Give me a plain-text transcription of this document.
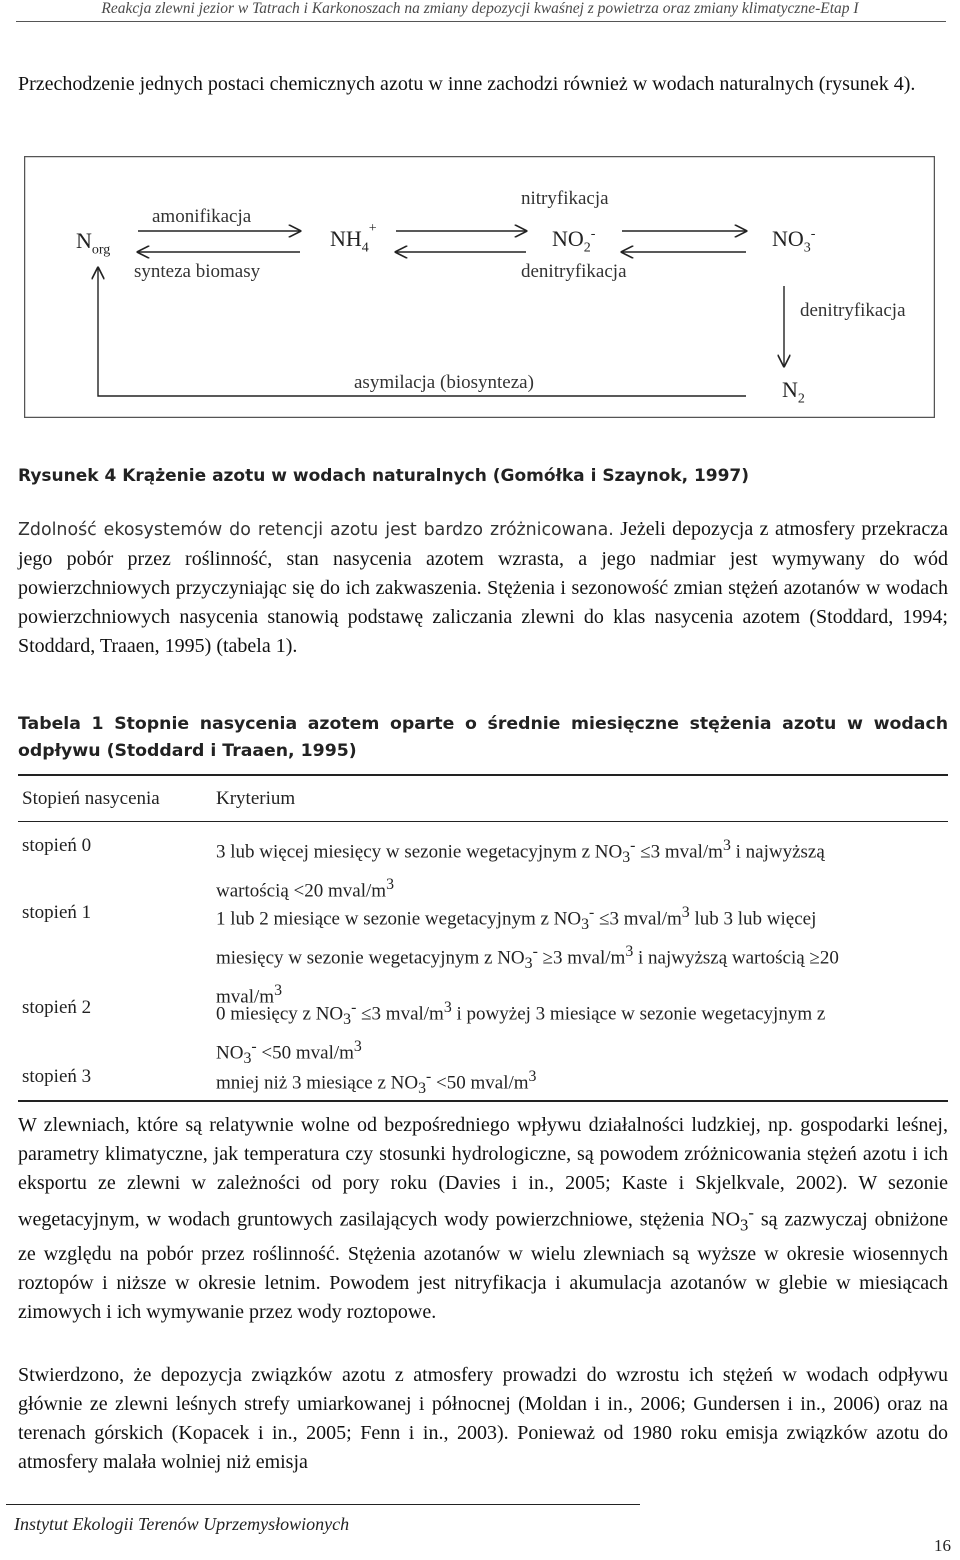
Reakcja zlewni jezior w Tatrach i Karkonoszach na zmiany depozycji kwaśnej z powietrza oraz zmiany klimatyczne-Etap I

Przechodzenie jednych postaci chemicznych azotu w inne zachodzi również w wodach naturalnych (rysunek 4).

$N_{org}$
amonifikacja
synteza biomasy
$NH_4^+$
nitryfikacja
$NO_2^-$
denitryfikacja
$NO_3^-$
denitryfikacja
asymilacja (biosynteza)	$N_2$
Rysunek 4 Krążenie azotu w wodach naturalnych (Gomółka i Szaynok, 1997)

Zdolność ekosystemów do retencji azotu jest bardzo zróżnicowana. Jeżeli depozycja z atmosfery przekracza jego pobór przez roślinność, stan nasycenia azotem wzrasta, a jego nadmiar jest wymywany do wód powierzchniowych przyczyniając się do ich zakwaszenia. Stężenia i sezonowość zmian stężeń azotanów w wodach powierzchniowych nasycenia stanowią podstawę zaliczania zlewni do klas nasycenia azotem (Stoddard, 1994; Stoddard, Traaen, 1995) (tabela 1).

Tabela 1 Stopnie nasycenia azotem oparte o średnie miesięczne stężenia azotu w wodach odpływu (Stoddard i Traaen, 1995)

Stopień nasycenia	Kryterium
stopień 0	3 lub więcej miesięcy w sezonie wegetacyjnym z $NO_3^- \le 3$ mval/$m^3$ i najwyższą
wartością <20 mval/$m^3$
stopień 1	1 lub 2 miesiące w sezonie wegetacyjnym z $NO_3^- \le 3$ mval/$m^3$ lub 3 lub więcej
miesięcy w sezonie wegetacyjnym z $NO_3^- \ge 3$ mval/$m^3$ i najwyższą wartością ≥20
mval/$m^3$
stopień 2	0 miesięcy z $NO_3^- \le 3$ mval/$m^3$ i powyżej 3 miesiące w sezonie wegetacyjnym z
$NO_3^- <50$ mval/$m^3$
stopień 3	mniej niż 3 miesiące z $NO_3^- <50$ mval/$m^3$

W zlewniach, które są relatywnie wolne od bezpośredniego wpływu działalności ludzkiej, np. gospodarki leśnej, parametry klimatyczne, jak temperatura czy stosunki hydrologiczne, są powodem zróżnicowania stężeń azotu i ich eksportu ze zlewni w zależności od pory roku (Davies i in., 2005; Kaste i Skjelkvale, 2002). W sezonie wegetacyjnym, w wodach gruntowych zasilających wody powierzchniowe, stężenia $NO_3^-$ są zazwyczaj obniżone ze względu na pobór przez roślinność. Stężenia azotanów w wielu zlewniach są wyższe w okresie wiosennych roztopów i niższe w okresie letnim. Powodem jest nitryfikacja i akumulacja azotanów w glebie w miesiącach zimowych i ich wymywanie przez wody roztopowe.

Stwierdzono, że depozycja związków azotu z atmosfery prowadzi do wzrostu ich stężeń w wodach odpływu głównie ze zlewni leśnych strefy umiarkowanej i północnej (Moldan i in., 2006; Gundersen i in., 2006) oraz na terenach górskich (Kopacek i in., 2005; Fenn i in., 2003). Ponieważ od 1980 roku emisja związków azotu do atmosfery malała wolniej niż emisja

Instytut Ekologii Terenów Uprzemysłowionych
16
